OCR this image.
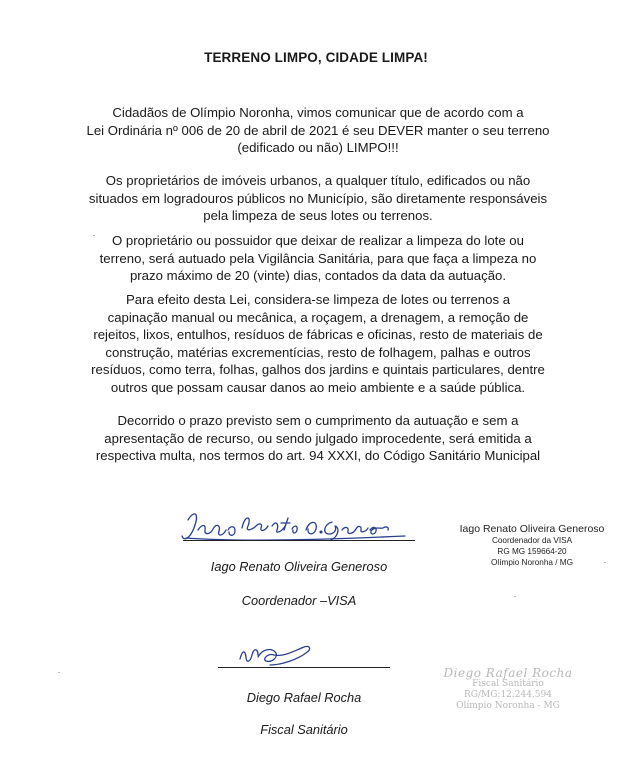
TERRENO LIMPO, CIDADE LIMPA!
Cidadãos de Olímpio Noronha, vimos comunicar que de acordo com a
Lei Ordinária nº 006 de 20 de abril de 2021 é seu DEVER manter o seu terreno
(edificado ou não) LIMPO!!!
Os proprietários de imóveis urbanos, a qualquer título, edificados ou não
situados em logradouros públicos no Município, são diretamente responsáveis
pela limpeza de seus lotes ou terrenos.
O proprietário ou possuidor que deixar de realizar a limpeza do lote ou
terreno, será autuado pela Vigilância Sanitária, para que faça a limpeza no
prazo máximo de 20 (vinte) dias, contados da data da autuação.
Para efeito desta Lei, considera-se limpeza de lotes ou terrenos a
capinação manual ou mecânica, a roçagem, a drenagem, a remoção de
rejeitos, lixos, entulhos, resíduos de fábricas e oficinas, resto de materiais de
construção, matérias excrementícias, resto de folhagem, palhas e outros
resíduos, como terra, folhas, galhos dos jardins e quintais particulares, dentre
outros que possam causar danos ao meio ambiente e a saúde pública.
Decorrido o prazo previsto sem o cumprimento da autuação e sem a
apresentação de recurso, ou sendo julgado improcedente, será emitida a
respectiva multa, nos termos do art. 94 XXXI, do Código Sanitário Municipal
Iago Renato Oliveira Generoso
Coordenador –VISA
Iago Renato Oliveira Generoso
Coordenador da VISA
RG MG 159664-20
Olímpio Noronha / MG
Diego Rafael Rocha
Fiscal Sanitário
Diego Rafael Rocha
Fiscal Sanitário
RG/MG:12.244.594
Olímpio Noronha - MG
